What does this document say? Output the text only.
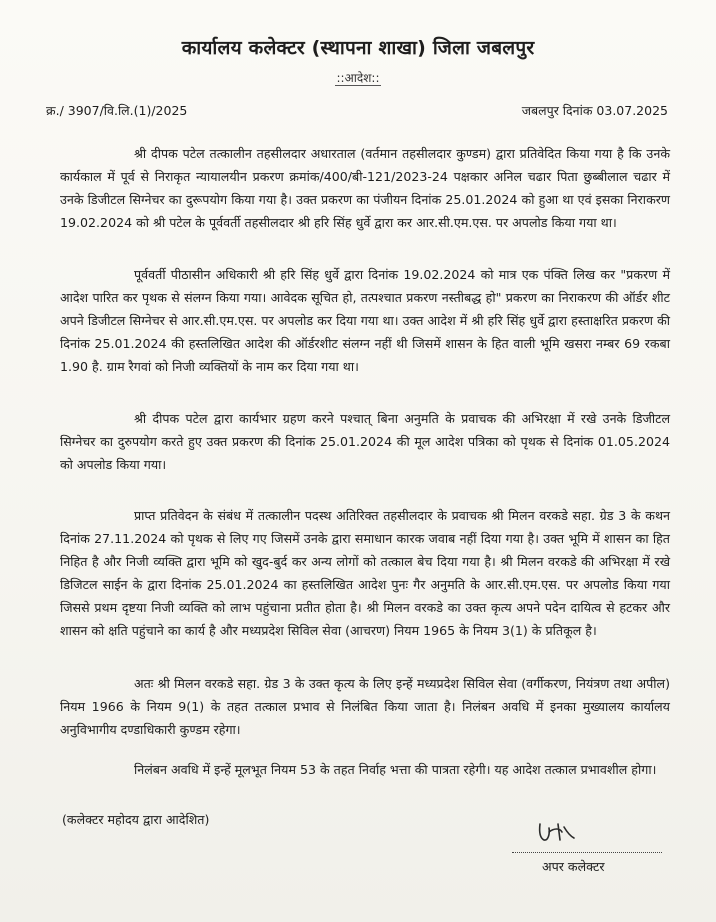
कार्यालय कलेक्टर (स्थापना शाखा) जिला जबलपुर
::आदेश::
क्र./ 3907/वि.लि.(1)/2025	जबलपुर दिनांक 03.07.2025

श्री दीपक पटेल तत्कालीन तहसीलदार अधारताल (वर्तमान तहसीलदार कुण्डम) द्वारा प्रतिवेदित किया गया है कि उनके कार्यकाल में पूर्व से निराकृत न्यायालयीन प्रकरण क्रमांक/400/बी-121/2023-24 पक्षकार अनिल चढार पिता छुब्बीलाल चढार में उनके डिजीटल सिग्नेचर का दुरूपयोग किया गया है। उक्त प्रकरण का पंजीयन दिनांक 25.01.2024 को हुआ था एवं इसका निराकरण 19.02.2024 को श्री पटेल के पूर्ववर्ती तहसीलदार श्री हरि सिंह धुर्वे द्वारा कर आर.सी.एम.एस. पर अपलोड किया गया था।

पूर्ववर्ती पीठासीन अधिकारी श्री हरि सिंह धुर्वे द्वारा दिनांक 19.02.2024 को मात्र एक पंक्ति लिख कर "प्रकरण में आदेश पारित कर पृथक से संलग्न किया गया। आवेदक सूचित हो, तत्पश्चात प्रकरण नस्तीबद्ध हो" प्रकरण का निराकरण की ऑर्डर शीट अपने डिजीटल सिग्नेचर से आर.सी.एम.एस. पर अपलोड कर दिया गया था। उक्त आदेश में श्री हरि सिंह धुर्वे द्वारा हस्ताक्षरित प्रकरण की दिनांक 25.01.2024 की हस्तलिखित आदेश की ऑर्डरशीट संलग्न नहीं थी जिसमें शासन के हित वाली भूमि खसरा नम्बर 69 रकबा 1.90 है. ग्राम रैगवां को निजी व्यक्तियों के नाम कर दिया गया था।

श्री दीपक पटेल द्वारा कार्यभार ग्रहण करने पश्चात् बिना अनुमति के प्रवाचक की अभिरक्षा में रखे उनके डिजीटल सिग्नेचर का दुरुपयोग करते हुए उक्त प्रकरण की दिनांक 25.01.2024 की मूल आदेश पत्रिका को पृथक से दिनांक 01.05.2024 को अपलोड किया गया।

प्राप्त प्रतिवेदन के संबंध में तत्कालीन पदस्थ अतिरिक्त तहसीलदार के प्रवाचक श्री मिलन वरकडे सहा. ग्रेड 3 के कथन दिनांक 27.11.2024 को पृथक से लिए गए जिसमें उनके द्वारा समाधान कारक जवाब नहीं दिया गया है। उक्त भूमि में शासन का हित निहित है और निजी व्यक्ति द्वारा भूमि को खुद-बुर्द कर अन्य लोगों को तत्काल बेच दिया गया है। श्री मिलन वरकडे की अभिरक्षा में रखे डिजिटल साईन के द्वारा दिनांक 25.01.2024 का हस्तलिखित आदेश पुनः गैर अनुमति के आर.सी.एम.एस. पर अपलोड किया गया जिससे प्रथम दृष्टया निजी व्यक्ति को लाभ पहुंचाना प्रतीत होता है। श्री मिलन वरकडे का उक्त कृत्य अपने पदेन दायित्व से हटकर और शासन को क्षति पहुंचाने का कार्य है और मध्यप्रदेश सिविल सेवा (आचरण) नियम 1965 के नियम 3(1) के प्रतिकूल है।

अतः श्री मिलन वरकडे सहा. ग्रेड 3 के उक्त कृत्य के लिए इन्हें मध्यप्रदेश सिविल सेवा (वर्गीकरण, नियंत्रण तथा अपील) नियम 1966 के नियम 9(1) के तहत तत्काल प्रभाव से निलंबित किया जाता है। निलंबन अवधि में इनका मुख्यालय कार्यालय अनुविभागीय दण्डाधिकारी कुण्डम रहेगा।

निलंबन अवधि में इन्हें मूलभूत नियम 53 के तहत निर्वाह भत्ता की पात्रता रहेगी। यह आदेश तत्काल प्रभावशील होगा।

(कलेक्टर महोदय द्वारा आदेशित)
अपर कलेक्टर
